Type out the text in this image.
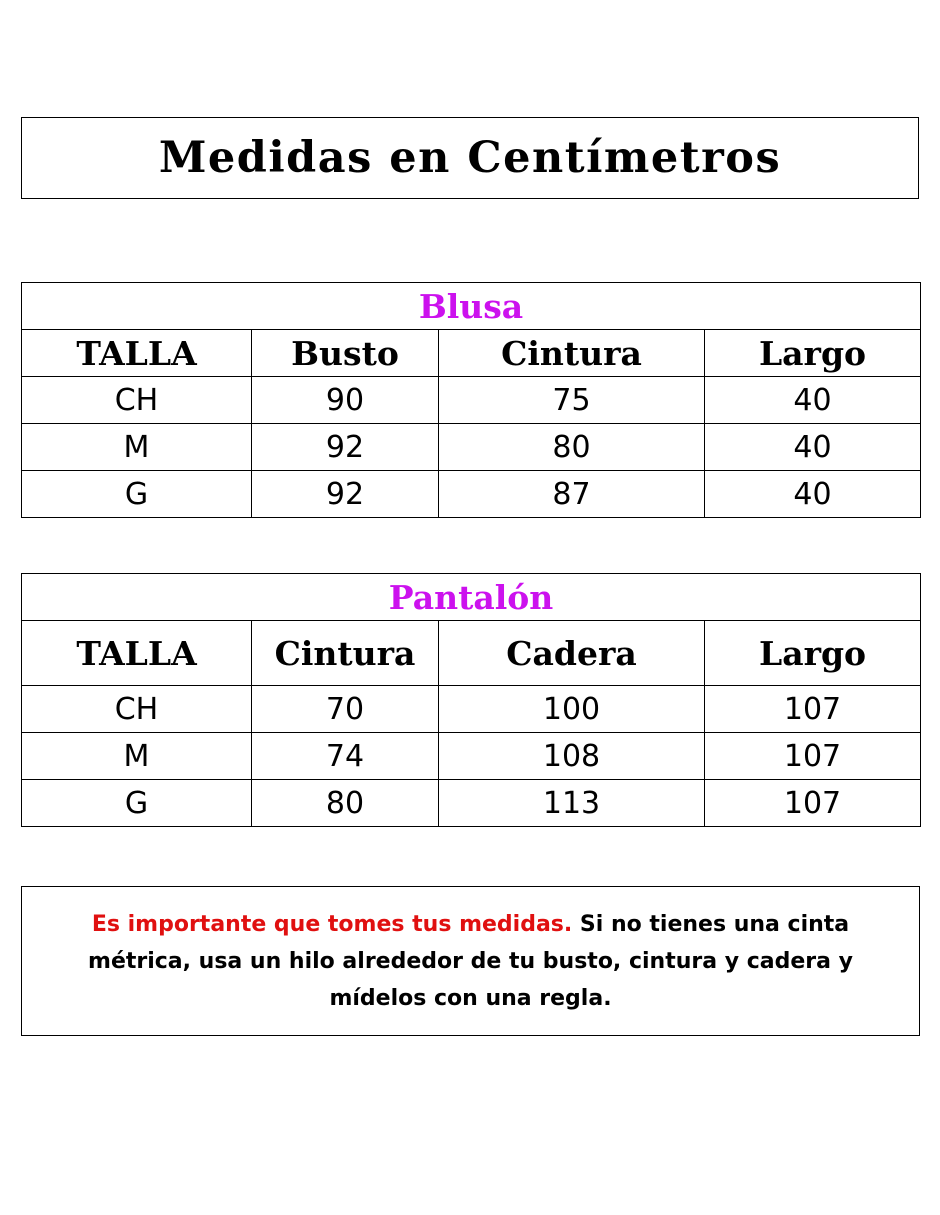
Medidas en Centímetros
Blusa			
TALLA	Busto	Cintura	Largo
CH	90	75	40
M	92	80	40
G	92	87	40
Pantalón			
TALLA	Cintura	Cadera	Largo
CH	70	100	107
M	74	108	107
G	80	113	107

Es importante que tomes tus medidas. Si no tienes una cinta métrica, usa un hilo alrededor de tu busto, cintura y cadera y mídelos con una regla.
